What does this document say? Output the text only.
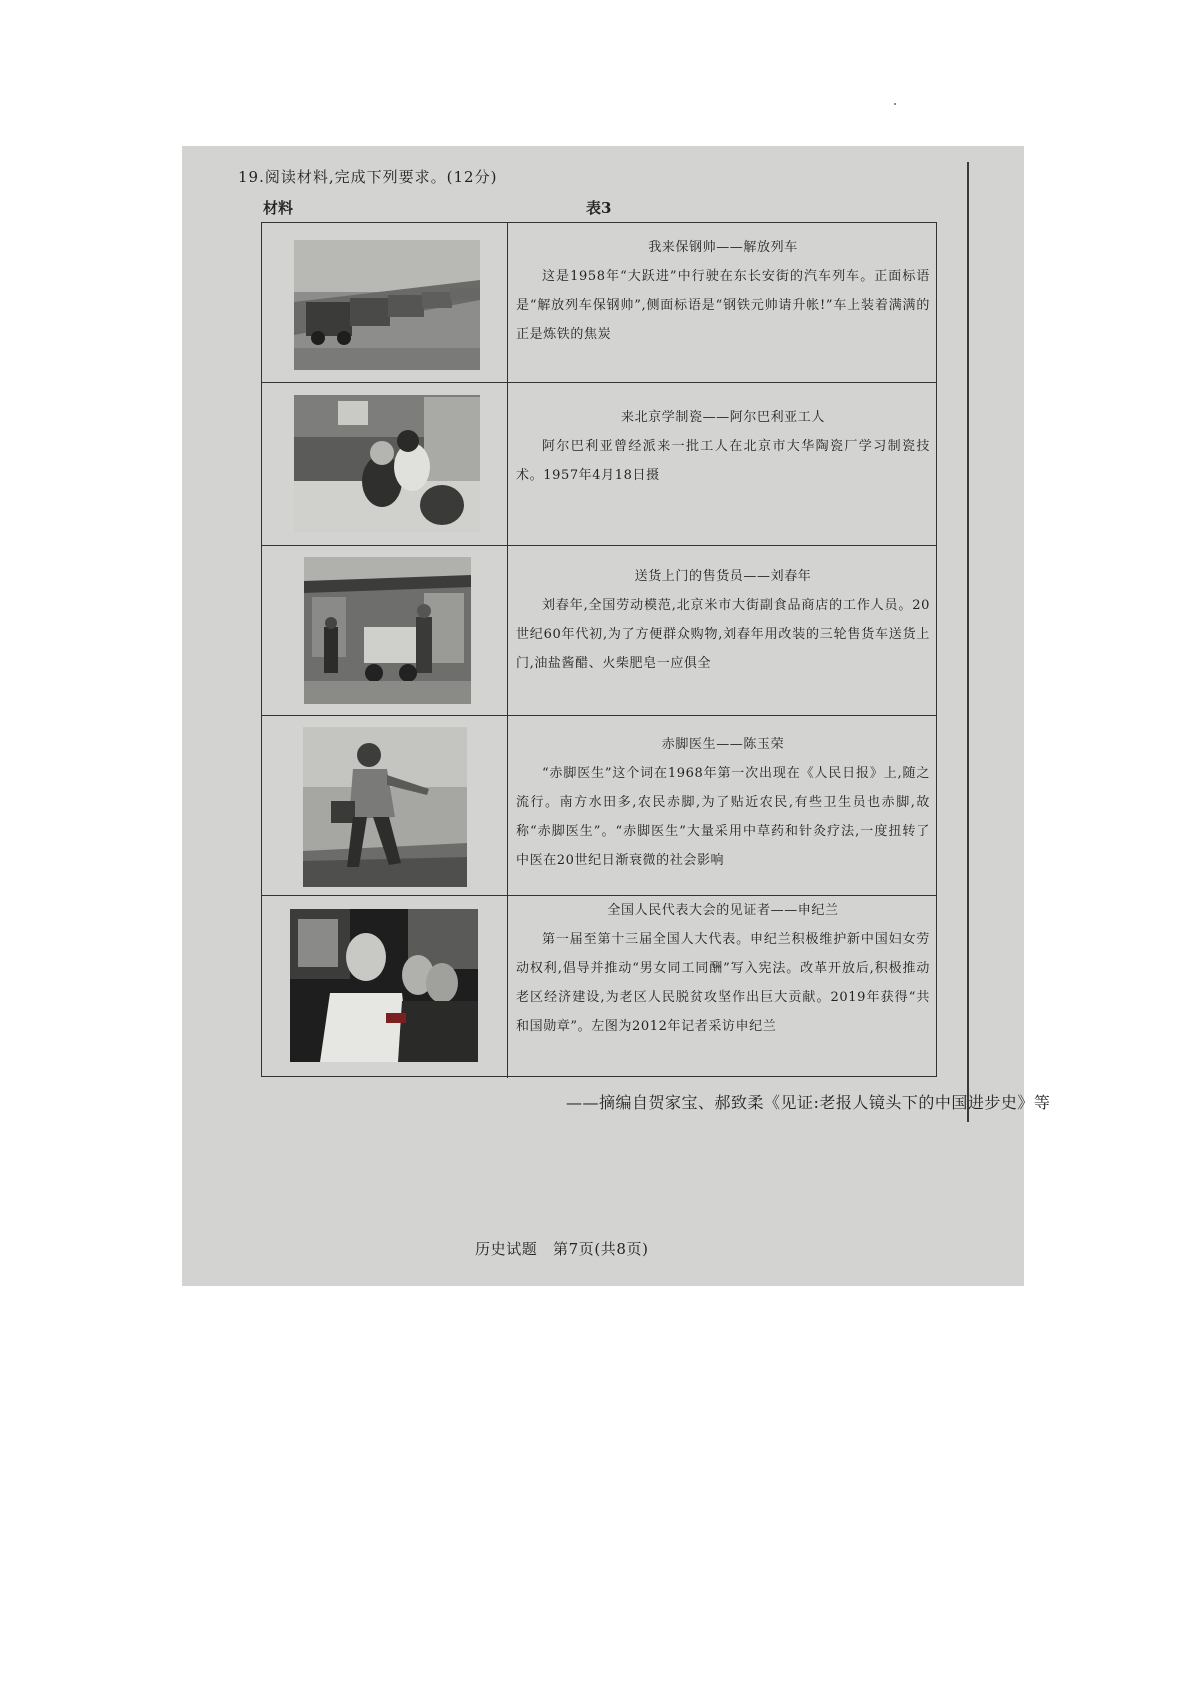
19.阅读材料,完成下列要求。(12分)
材料	表3
我来保钢帅——解放列车
这是1958年“大跃进”中行驶在东长安街的汽车列车。正面标语是“解放列车保钢帅”,侧面标语是“钢铁元帅请升帐!”车上装着满满的正是炼铁的焦炭
来北京学制瓷——阿尔巴利亚工人
阿尔巴利亚曾经派来一批工人在北京市大华陶瓷厂学习制瓷技术。1957年4月18日摄
送货上门的售货员——刘春年
刘春年,全国劳动模范,北京米市大街副食品商店的工作人员。20世纪60年代初,为了方便群众购物,刘春年用改装的三轮售货车送货上门,油盐酱醋、火柴肥皂一应俱全
赤脚医生——陈玉荣
“赤脚医生”这个词在1968年第一次出现在《人民日报》上,随之流行。南方水田多,农民赤脚,为了贴近农民,有些卫生员也赤脚,故称“赤脚医生”。“赤脚医生”大量采用中草药和针灸疗法,一度扭转了中医在20世纪日渐衰微的社会影响
全国人民代表大会的见证者——申纪兰
第一届至第十三届全国人大代表。申纪兰积极维护新中国妇女劳动权利,倡导并推动“男女同工同酬”写入宪法。改革开放后,积极推动老区经济建设,为老区人民脱贫攻坚作出巨大贡献。2019年获得“共和国勋章”。左图为2012年记者采访申纪兰
——摘编自贺家宝、郝致柔《见证:老报人镜头下的中国进步史》等
历史试题　第7页(共8页)
